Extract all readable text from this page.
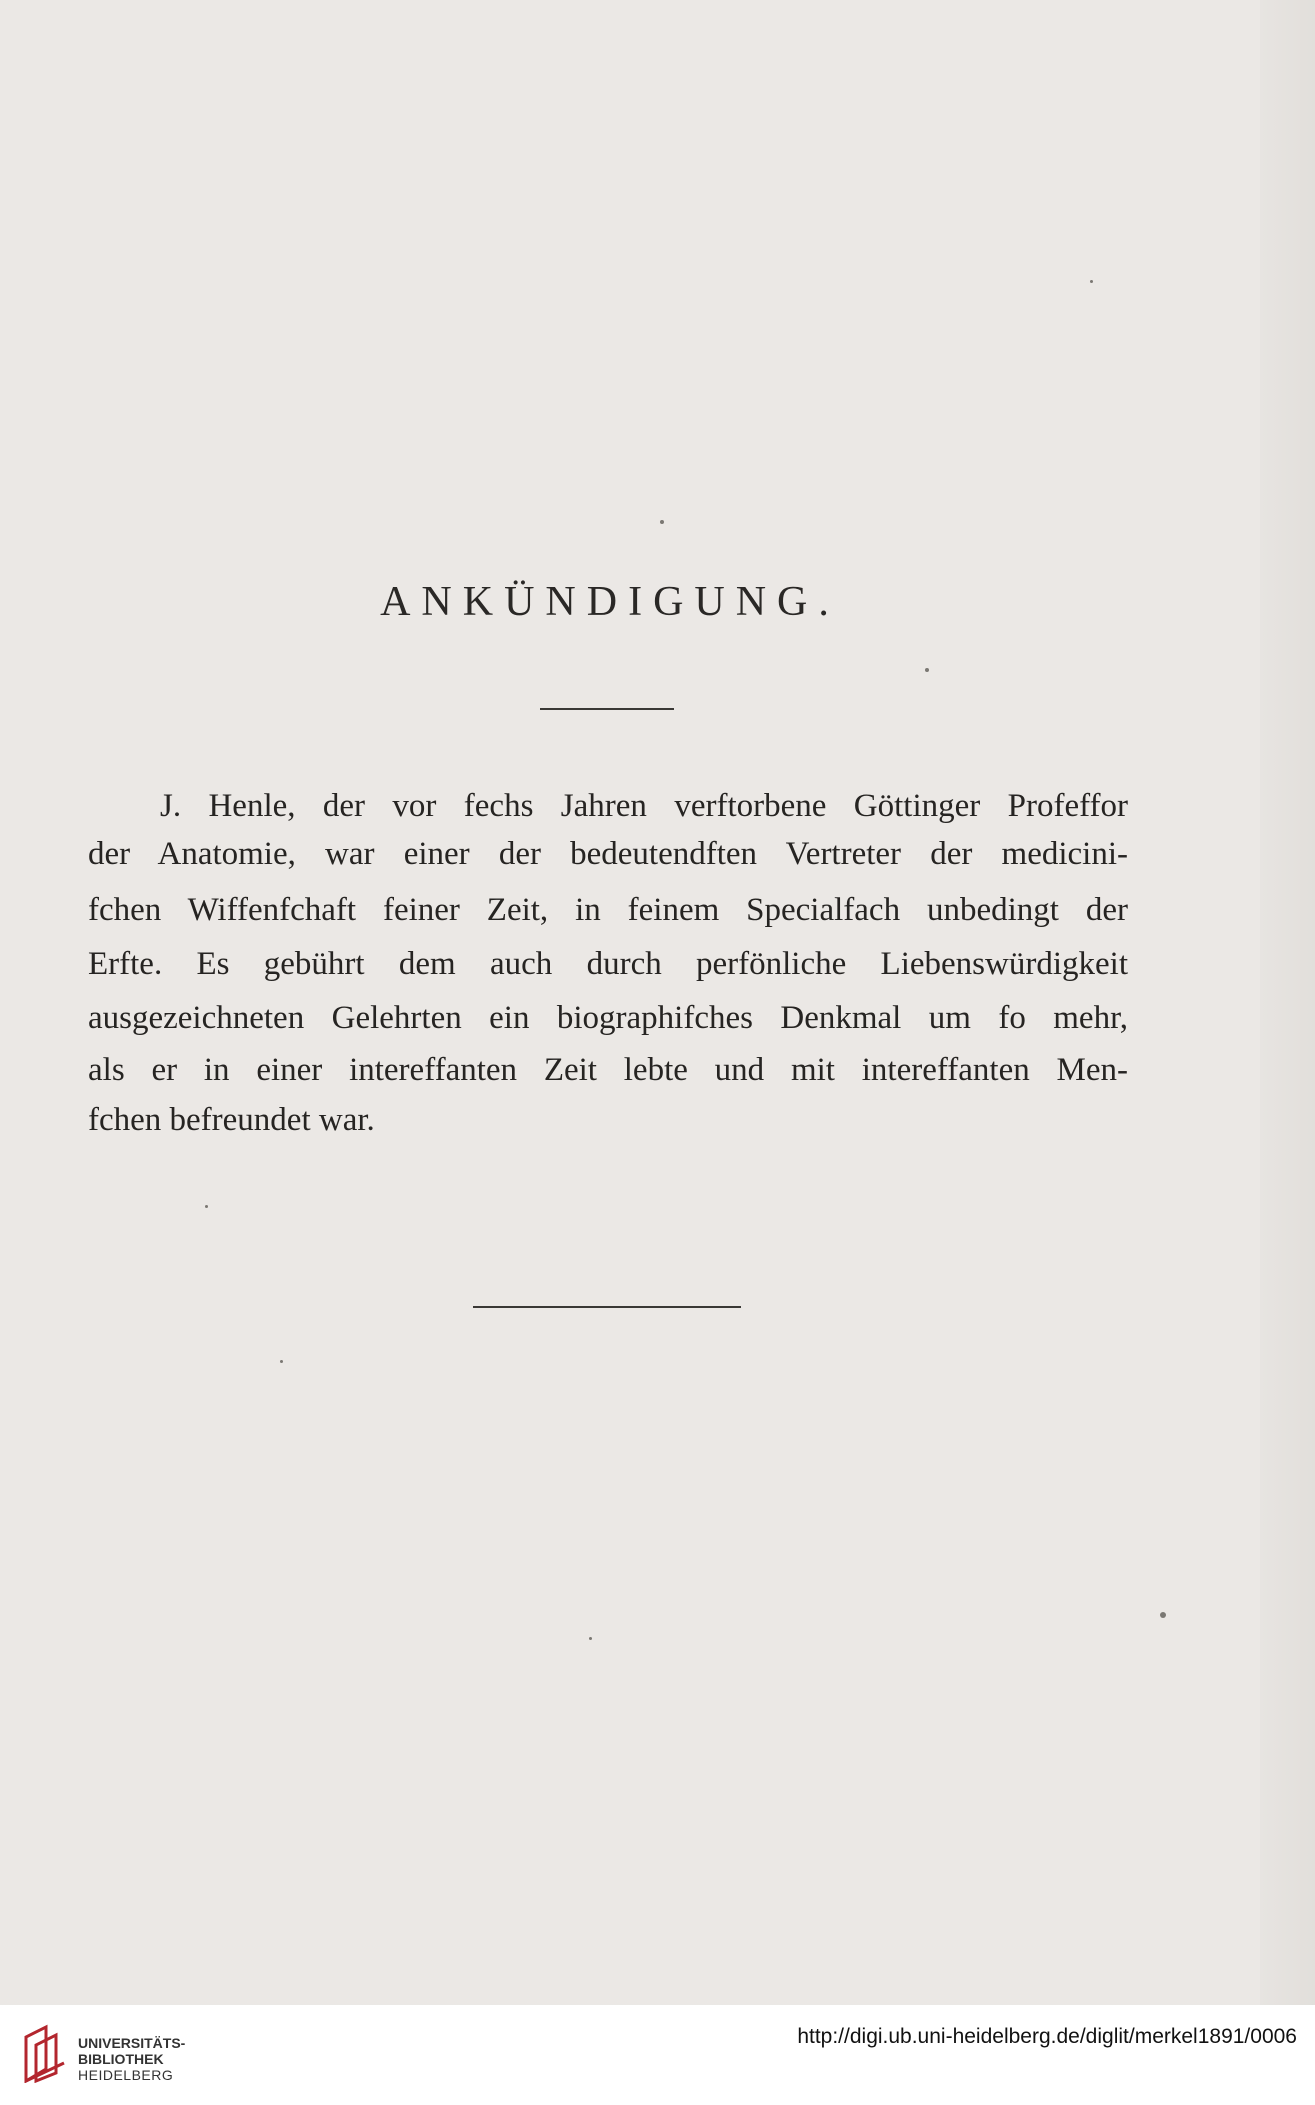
ANKÜNDIGUNG.
J. Henle, der vor fechs Jahren verftorbene Göttinger Profeffor
der Anatomie, war einer der bedeutendften Vertreter der medicini-
fchen Wiffenfchaft feiner Zeit, in feinem Specialfach unbedingt der
Erfte. Es gebührt dem auch durch perfönliche Liebenswürdigkeit
ausgezeichneten Gelehrten ein biographifches Denkmal um fo mehr,
als er in einer intereffanten Zeit lebte und mit intereffanten Men-
fchen befreundet war.
UNIVERSITÄTS-
BIBLIOTHEK
HEIDELBERG
http://digi.ub.uni-heidelberg.de/diglit/merkel1891/0006
